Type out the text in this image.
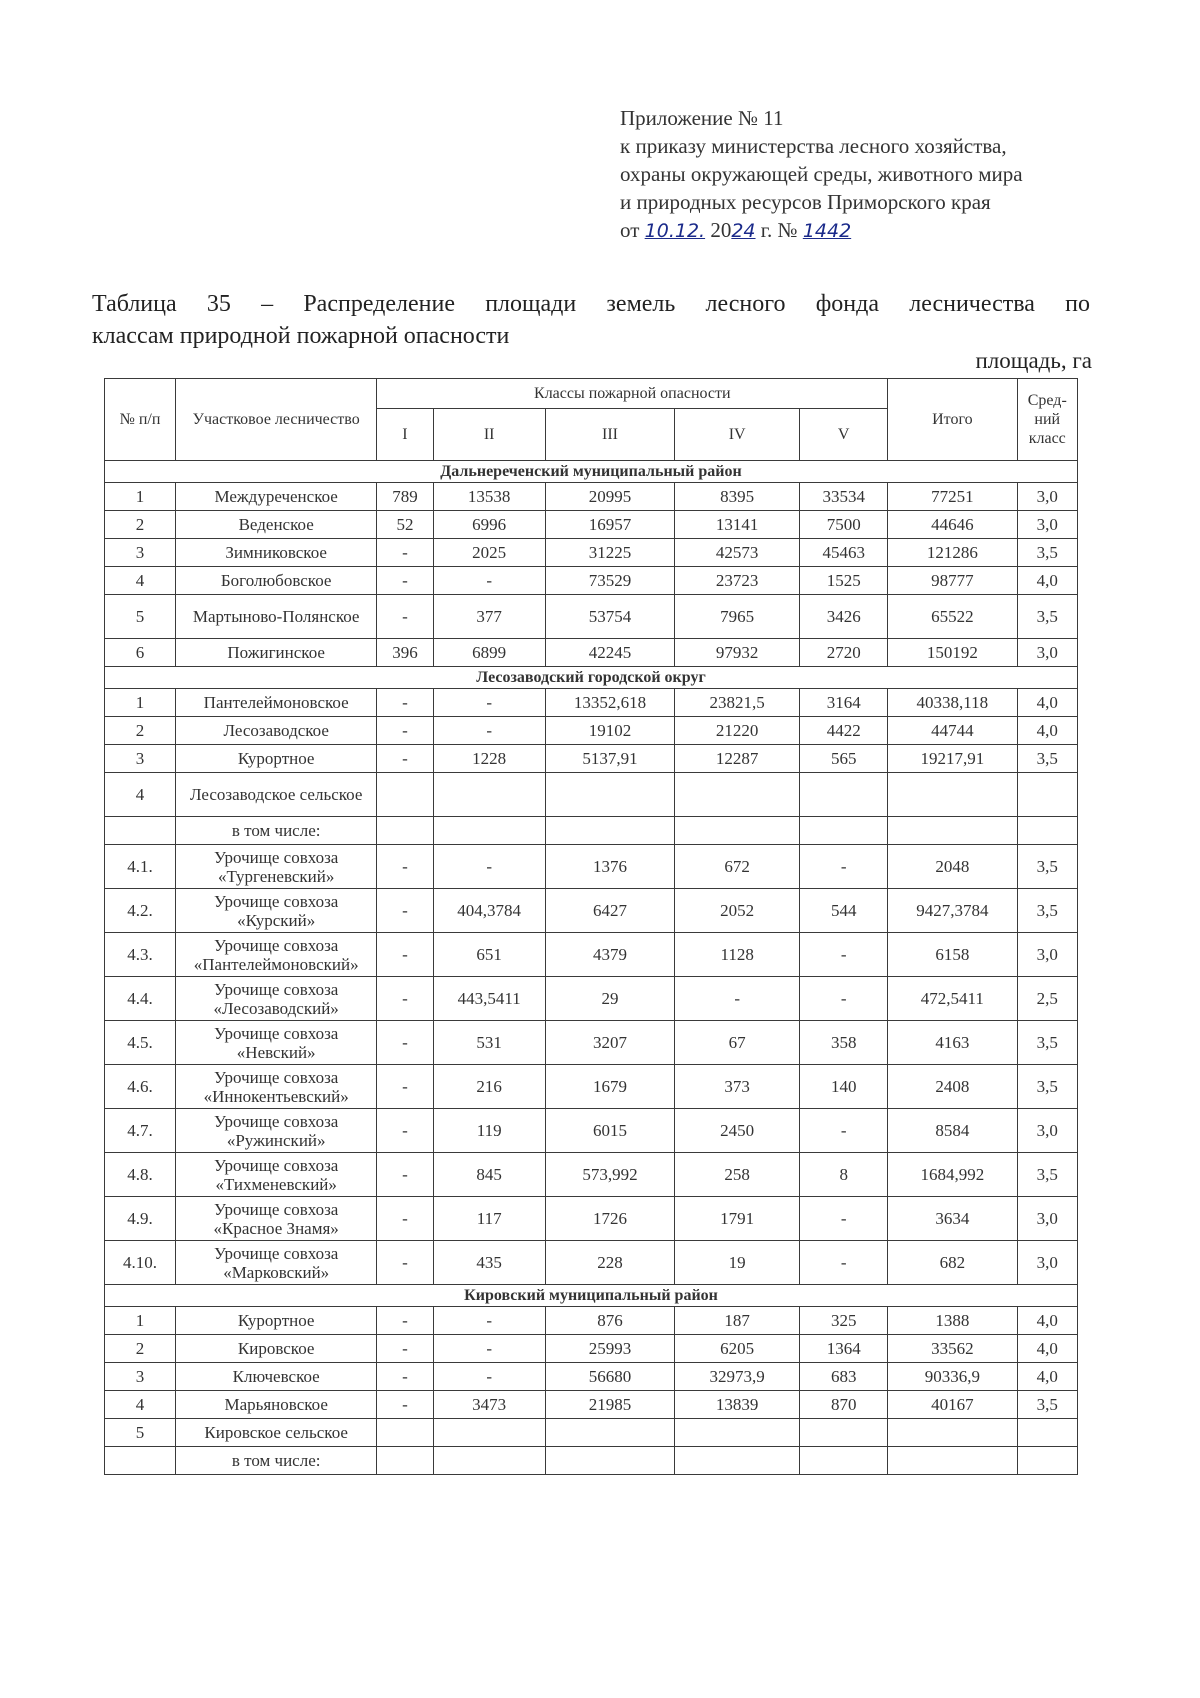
Приложение № 11
к приказу министерства лесного хозяйства,
охраны окружающей среды, животного мира
и природных ресурсов Приморского края
от 10.12. 2024 г. № 1442
Таблица 35 – Распределение площади земель лесного фонда лесничества по
классам природной пожарной опасности
площадь, га
№ п/п	Участковое лесничество	Классы пожарной опасности					Итого	Сред-ний класс
		I	II	III	IV	V		
Дальнереченский муниципальный район								
1	Междуреченское	789	13538	20995	8395	33534	77251	3,0
2	Веденское	52	6996	16957	13141	7500	44646	3,0
3	Зимниковское	-	2025	31225	42573	45463	121286	3,5
4	Боголюбовское	-	-	73529	23723	1525	98777	4,0
5	Мартыново-Полянское	-	377	53754	7965	3426	65522	3,5
6	Пожигинское	396	6899	42245	97932	2720	150192	3,0
Лесозаводский городской округ								
1	Пантелеймоновское	-	-	13352,618	23821,5	3164	40338,118	4,0
2	Лесозаводское	-	-	19102	21220	4422	44744	4,0
3	Курортное	-	1228	5137,91	12287	565	19217,91	3,5
4	Лесозаводское сельское							
	в том числе:							
4.1.	Урочище совхоза «Тургеневский»	-	-	1376	672	-	2048	3,5
4.2.	Урочище совхоза «Курский»	-	404,3784	6427	2052	544	9427,3784	3,5
4.3.	Урочище совхоза «Пантелеймоновский»	-	651	4379	1128	-	6158	3,0
4.4.	Урочище совхоза «Лесозаводский»	-	443,5411	29	-	-	472,5411	2,5
4.5.	Урочище совхоза «Невский»	-	531	3207	67	358	4163	3,5
4.6.	Урочище совхоза «Иннокентьевский»	-	216	1679	373	140	2408	3,5
4.7.	Урочище совхоза «Ружинский»	-	119	6015	2450	-	8584	3,0
4.8.	Урочище совхоза «Тихменевский»	-	845	573,992	258	8	1684,992	3,5
4.9.	Урочище совхоза «Красное Знамя»	-	117	1726	1791	-	3634	3,0
4.10.	Урочище совхоза «Марковский»	-	435	228	19	-	682	3,0
Кировский муниципальный район								
1	Курортное	-	-	876	187	325	1388	4,0
2	Кировское	-	-	25993	6205	1364	33562	4,0
3	Ключевское	-	-	56680	32973,9	683	90336,9	4,0
4	Марьяновское	-	3473	21985	13839	870	40167	3,5
5	Кировское сельское							
	в том числе:							
